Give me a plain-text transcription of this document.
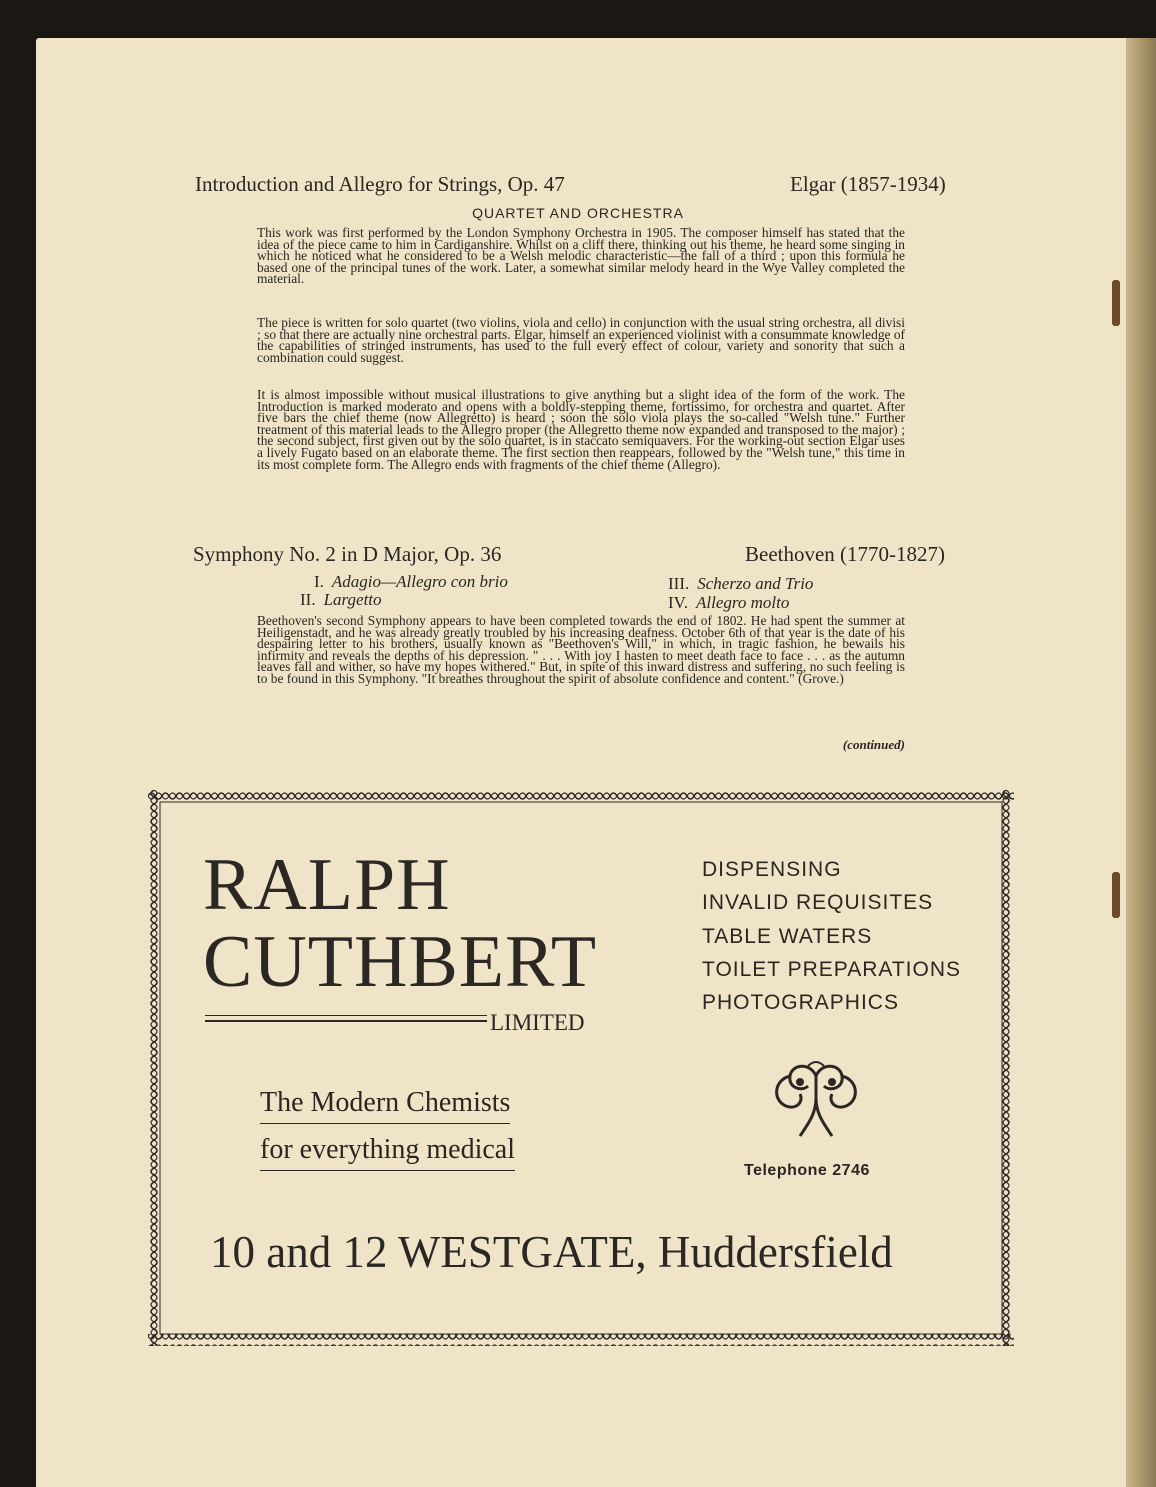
Introduction and Allegro for Strings, Op. 47	Elgar (1857-1934)
QUARTET AND ORCHESTRA

This work was first performed by the London Symphony Orchestra in 1905. The composer himself has stated that the idea of the piece came to him in Cardiganshire. Whilst on a cliff there, thinking out his theme, he heard some singing in which he noticed what he considered to be a Welsh melodic characteristic—the fall of a third ; upon this formula he based one of the principal tunes of the work. Later, a somewhat similar melody heard in the Wye Valley completed the material.

The piece is written for solo quartet (two violins, viola and cello) in conjunction with the usual string orchestra, all divisi ; so that there are actually nine orchestral parts. Elgar, himself an experienced violinist with a consummate knowledge of the capabilities of stringed instruments, has used to the full every effect of colour, variety and sonority that such a combination could suggest.

It is almost impossible without musical illustrations to give anything but a slight idea of the form of the work. The Introduction is marked moderato and opens with a boldly-stepping theme, fortissimo, for orchestra and quartet. After five bars the chief theme (now Allegretto) is heard ; soon the solo viola plays the so-called "Welsh tune." Further treatment of this material leads to the Allegro proper (the Allegretto theme now expanded and transposed to the major) ; the second subject, first given out by the solo quartet, is in staccato semiquavers. For the working-out section Elgar uses a lively Fugato based on an elaborate theme. The first section then reappears, followed by the "Welsh tune," this time in its most complete form. The Allegro ends with fragments of the chief theme (Allegro).

Symphony No. 2 in D Major, Op. 36	Beethoven (1770-1827)
I. Adagio—Allegro con brio
II. Largetto
III. Scherzo and Trio
IV. Allegro molto

Beethoven's second Symphony appears to have been completed towards the end of 1802. He had spent the summer at Heiligenstadt, and he was already greatly troubled by his increasing deafness. October 6th of that year is the date of his despairing letter to his brothers, usually known as "Beethoven's Will," in which, in tragic fashion, he bewails his infirmity and reveals the depths of his depression. " . . . With joy I hasten to meet death face to face . . . as the autumn leaves fall and wither, so have my hopes withered." But, in spite of this inward distress and suffering, no such feeling is to be found in this Symphony. "It breathes throughout the spirit of absolute confidence and content." (Grove.)

(continued)
RALPH
CUTHBERT
LIMITED
The Modern Chemists
for everything medical
DISPENSING
INVALID REQUISITES
TABLE WATERS
TOILET PREPARATIONS
PHOTOGRAPHICS
Telephone 2746
10 and 12 WESTGATE, Huddersfield
